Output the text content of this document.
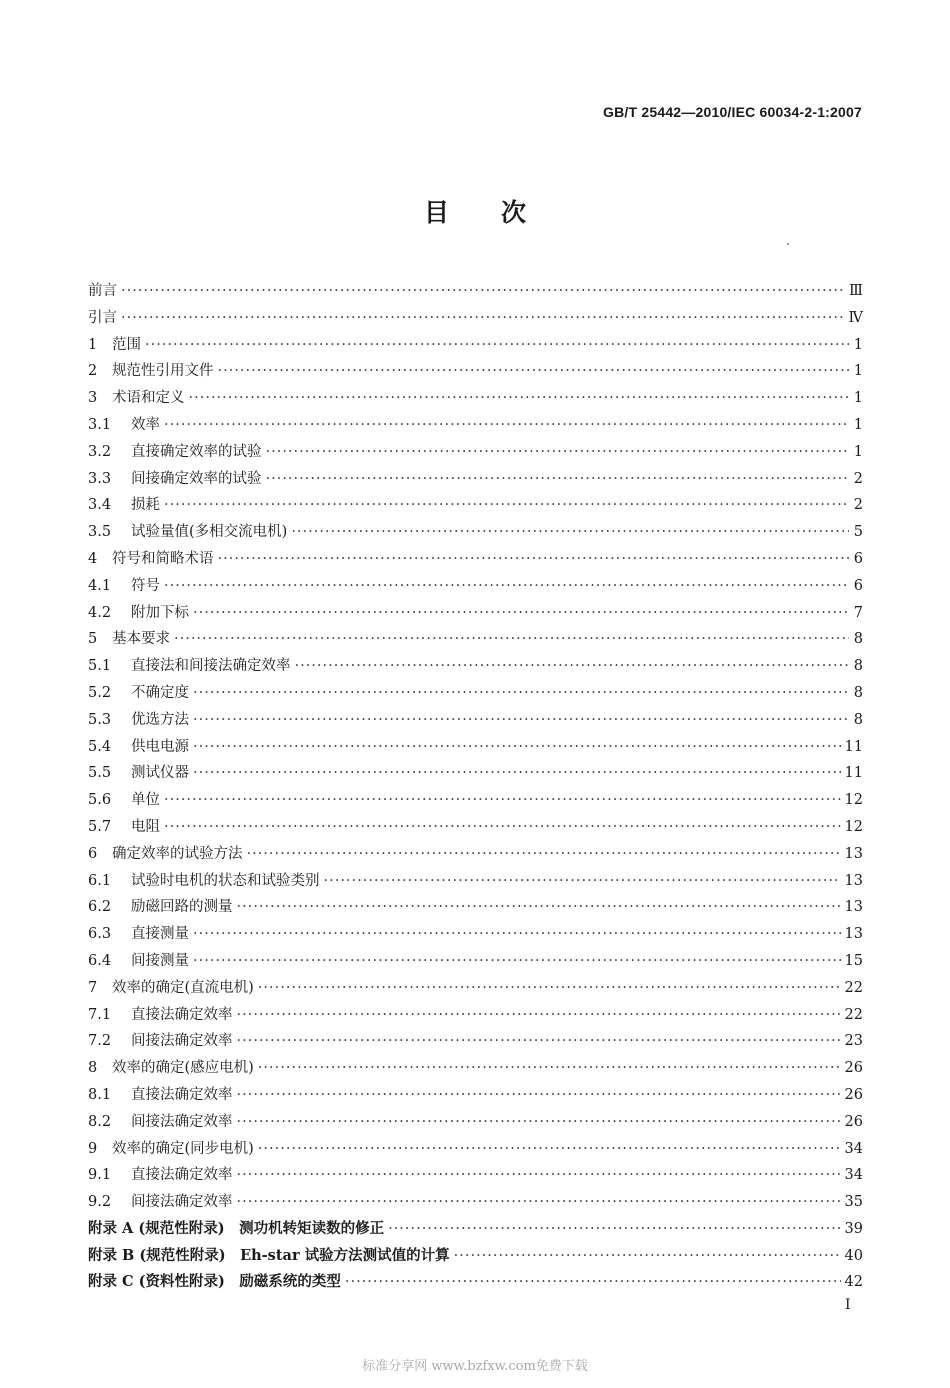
GB/T 25442—2010/IEC 60034-2-1:2007
目次
前言 ·····	Ⅲ
引言 ·····	Ⅳ
1	范围 ·····	1
2	规范性引用文件 ·····	1
3	术语和定义 ·····	1
3.1	效率 ·····	1
3.2	直接确定效率的试验 ·····	1
3.3	间接确定效率的试验 ·····	2
3.4	损耗 ·····	2
3.5	试验量值(多相交流电机) ·····	5
4	符号和简略术语 ·····	6
4.1	符号 ·····	6
4.2	附加下标 ·····	7
5	基本要求 ·····	8
5.1	直接法和间接法确定效率 ·····	8
5.2	不确定度 ·····	8
5.3	优选方法 ·····	8
5.4	供电电源 ·····	11
5.5	测试仪器 ·····	11
5.6	单位 ·····	12
5.7	电阻 ·····	12
6	确定效率的试验方法 ·····	13
6.1	试验时电机的状态和试验类别 ·····	13
6.2	励磁回路的测量 ·····	13
6.3	直接测量 ·····	13
6.4	间接测量 ·····	15
7	效率的确定(直流电机) ·····	22
7.1	直接法确定效率 ·····	22
7.2	间接法确定效率 ·····	23
8	效率的确定(感应电机) ·····	26
8.1	直接法确定效率 ·····	26
8.2	间接法确定效率 ·····	26
9	效率的确定(同步电机) ·····	34
9.1	直接法确定效率 ·····	34
9.2	间接法确定效率 ·····	35
附录 A (规范性附录)　测功机转矩读数的修正 ·····	39
附录 B (规范性附录)　Eh-star 试验方法测试值的计算 ·····	40
附录 C (资料性附录)　励磁系统的类型 ·····	42
I
标准分享网 www.bzfxw.com免费下载
